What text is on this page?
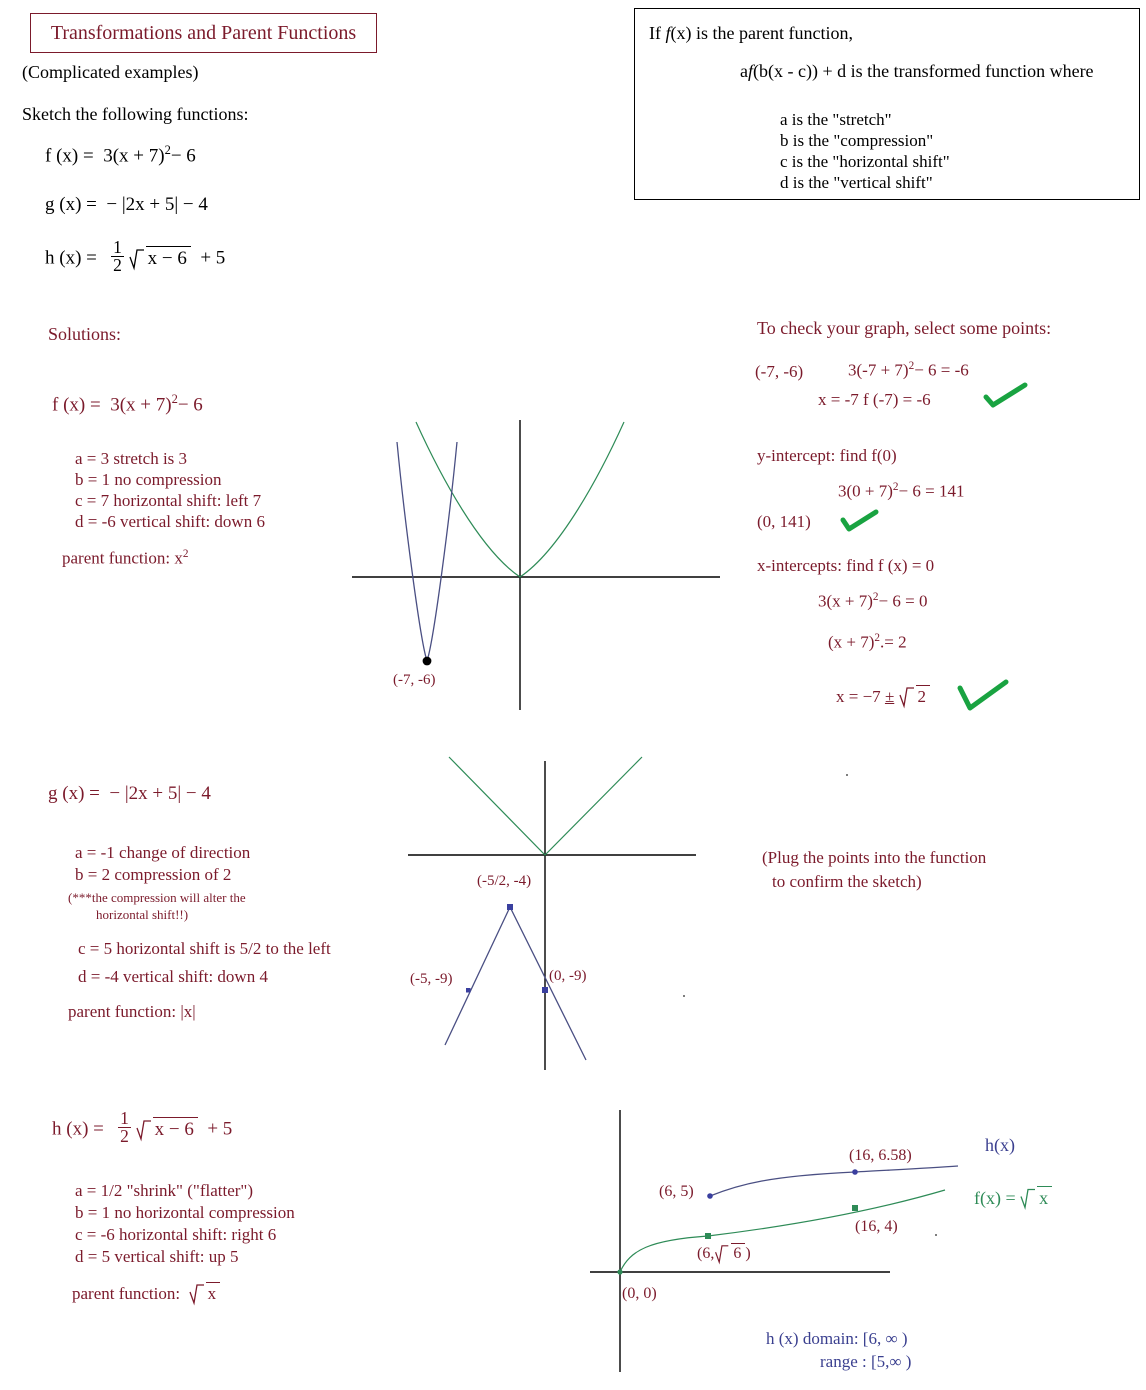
Transformations and Parent Functions	If f(x) is the parent function,
af(b(x - c)) + d is the transformed function where
a is the "stretch"
b is the "compression"
c is the "horizontal shift"
d is the "vertical shift"
(Complicated examples)
Sketch the following functions:
f $(x) = 3(x + 7)^2- 6$
g (x) = − |2x + 5| − 4
h $(x) = \frac{1}{2}$
x − 6 + 5
Solutions:
f $(x) = 3(x + 7)^2- 6$
a = 3 stretch is 3
b = 1 no compression
c = 7 horizontal shift: left 7
d = -6 vertical shift: down 6
parent function: $x^2$
(-7, -6)
To check your graph, select some points:
(-7, -6)	$3(-7 + 7)^2- 6 = -6$
x = -7 f (-7) = -6
y-intercept: find f(0)
$3(0 + 7)^2- 6 = 141$
(0, 141)
x-intercepts: find f (x) = 0
$3(x + 7)^2- 6 = 0$
$(x + 7)^2.= 2$
x = −7 ± 2
g (x) = − |2x + 5| − 4
a = -1 change of direction
b = 2 compression of 2
(***the compression will alter the
horizontal shift!!)
c = 5 horizontal shift is 5/2 to the left
d = -4 vertical shift: down 4
parent function: |x|
(-5/2, -4)
(-5, -9)	(0, -9)
(Plug the points into the function
to confirm the sketch)
h $(x) = \frac{1}{2}$
x − 6 + 5
a = 1/2 "shrink" ("flatter")
b = 1 no horizontal compression
c = -6 horizontal shift: right 6
d = 5 vertical shift: up 5
parent function: x
h(x)
f(x) =
x
(6, 5)
(16, 6.58)
(16, 4)
(6, 6 )
(0, 0)
h (x) domain: [6, ∞ )
range : [5,∞ )
